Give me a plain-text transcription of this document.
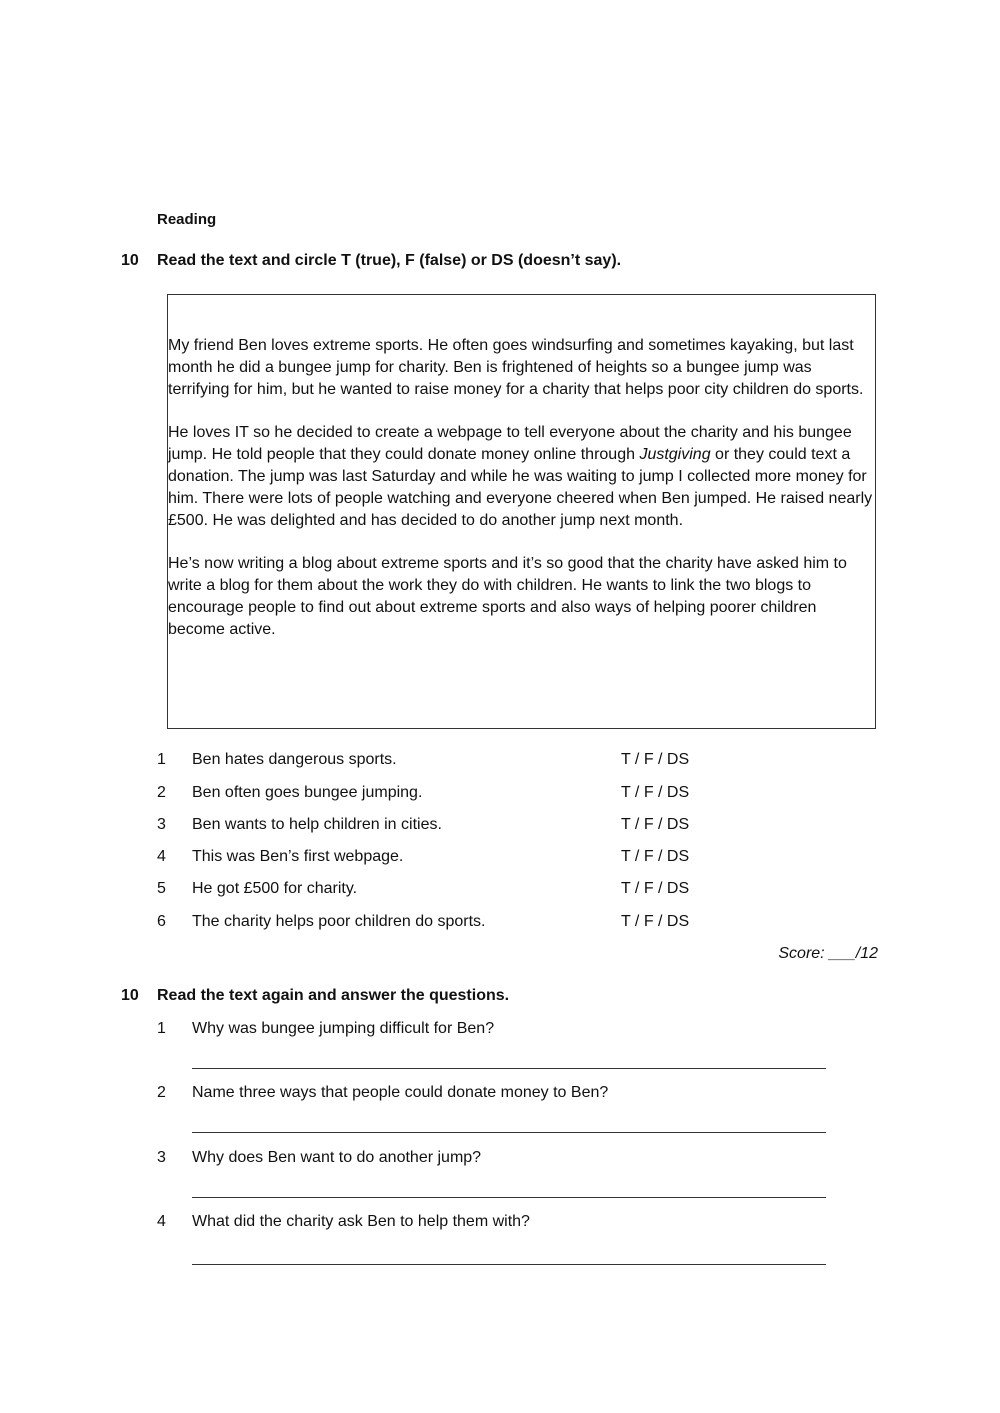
Reading
10 Read the text and circle T (true), F (false) or DS (doesn’t say).

My friend Ben loves extreme sports. He often goes windsurfing and sometimes kayaking, but last month he did a bungee jump for charity. Ben is frightened of heights so a bungee jump was terrifying for him, but he wanted to raise money for a charity that helps poor city children do sports.

He loves IT so he decided to create a webpage to tell everyone about the charity and his bungee jump. He told people that they could donate money online through Justgiving or they could text a donation. The jump was last Saturday and while he was waiting to jump I collected more money for him. There were lots of people watching and everyone cheered when Ben jumped. He raised nearly £500. He was delighted and has decided to do another jump next month.

He’s now writing a blog about extreme sports and it’s so good that the charity have asked him to write a blog for them about the work they do with children. He wants to link the two blogs to encourage people to find out about extreme sports and also ways of helping poorer children become active.

1 Ben hates dangerous sports.	T / F / DS
2 Ben often goes bungee jumping.	T / F / DS
3 Ben wants to help children in cities.	T / F / DS
4 This was Ben’s first webpage.	T / F / DS
5 He got £500 for charity.	T / F / DS
6 The charity helps poor children do sports.	T / F / DS
Score: ___/12
10 Read the text again and answer the questions.
1 Why was bungee jumping difficult for Ben?
2 Name three ways that people could donate money to Ben?
3 Why does Ben want to do another jump?
4 What did the charity ask Ben to help them with?
